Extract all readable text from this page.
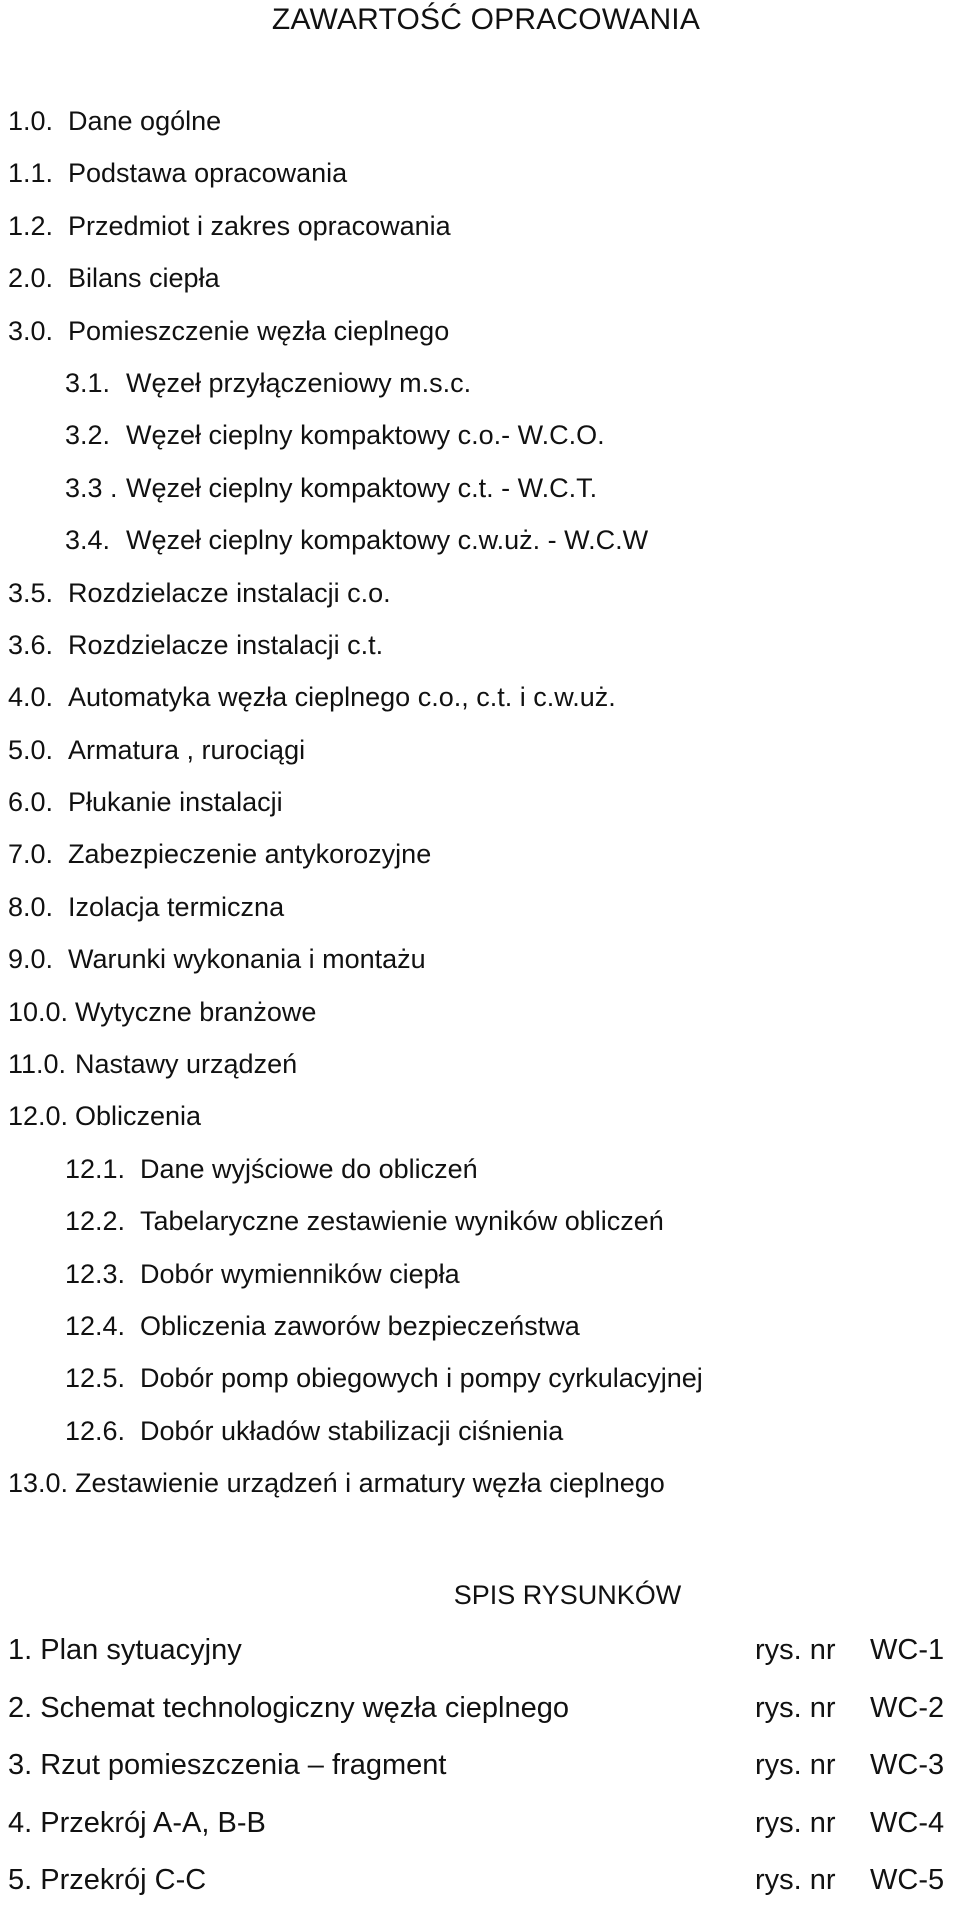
ZAWARTOŚĆ OPRACOWANIA
1.0. Dane ogólne
1.1. Podstawa opracowania
1.2. Przedmiot i zakres opracowania
2.0. Bilans ciepła
3.0. Pomieszczenie węzła cieplnego
3.1. Węzeł przyłączeniowy m.s.c.
3.2. Węzeł cieplny kompaktowy c.o.- W.C.O.
3.3 . Węzeł cieplny kompaktowy c.t. - W.C.T.
3.4. Węzeł cieplny kompaktowy c.w.uż. - W.C.W
3.5. Rozdzielacze instalacji c.o.
3.6. Rozdzielacze instalacji c.t.
4.0. Automatyka węzła cieplnego c.o., c.t. i c.w.uż.
5.0. Armatura , rurociągi
6.0. Płukanie instalacji
7.0. Zabezpieczenie antykorozyjne
8.0. Izolacja termiczna
9.0. Warunki wykonania i montażu
10.0. Wytyczne branżowe
11.0. Nastawy urządzeń
12.0. Obliczenia
12.1. Dane wyjściowe do obliczeń
12.2. Tabelaryczne zestawienie wyników obliczeń
12.3. Dobór wymienników ciepła
12.4. Obliczenia zaworów bezpieczeństwa
12.5. Dobór pomp obiegowych i pompy cyrkulacyjnej
12.6. Dobór układów stabilizacji ciśnienia
13.0. Zestawienie urządzeń i armatury węzła cieplnego
SPIS RYSUNKÓW
1. Plan sytuacyjny	rys. nr WC-1
2. Schemat technologiczny węzła cieplnego	rys. nr WC-2
3. Rzut pomieszczenia – fragment	rys. nr WC-3
4. Przekrój A-A, B-B	rys. nr WC-4
5. Przekrój C-C	rys. nr WC-5
